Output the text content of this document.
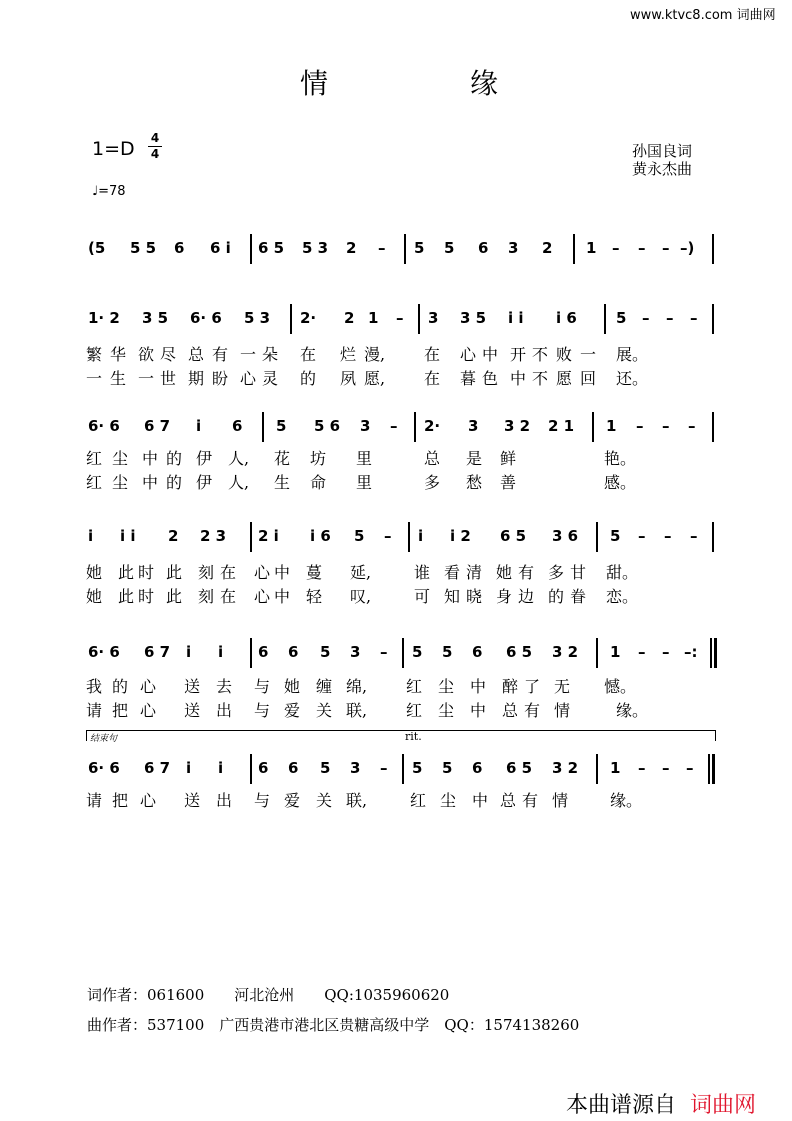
www.ktvc8.com 词曲网
情	缘
1=D 4
4
♩=78
孙国良词
黄永杰曲
(5 5 5 6 6 i 6 5 5 3 2 – 5 5 6 3 2 1 – – – –)
1· 2 3 5 6· 6 5 3 2· 2 1 – 3 3 5 i i i 6	5 – – –
繁 华 欲 尽 总 有 一 朵 在 烂 漫, 在 心 中 开 不 败 一 展。
一 生 一 世 期 盼 心 灵 的 夙 愿, 在 暮 色 中 不 愿 回 还。
6· 6 6 7 i 6 5 5 6 3 – 2· 3 3 2 2 1 1 – – –
红 尘 中 的 伊 人, 花 坊 里	总 是 鲜	艳。
红 尘 中 的 伊 人, 生 命 里	多 愁 善	感。
i i i 2 2 3 2 i i 6 5 – i i 2 6 5 3 6 5 – – –
她 此 时 此 刻 在 心 中 蔓 延,	谁 看 清 她 有 多 甘 甜。
她 此 时 此 刻 在 心 中 轻 叹,	可 知 晓 身 边 的 眷 恋。
6· 6 6 7 i i 6 6 5 3 – 5 5 6 6 5 3 2 1 – – –:
我 的 心 送 去 与 她 缠 绵, 红 尘 中 醉 了 无 憾。
请 把 心 送 出 与 爱 关 联, 红 尘 中 总 有 情	缘。
结束句	rit.
6· 6 6 7 i i 6 6 5 3 – 5 5 6 6 5 3 2 1 – – –
请 把 心 送 出 与 爱 关 联,	红 尘 中 总 有 情	缘。
词作者：061600　　河北沧州　　QQ:1035960620
曲作者：537100　广西贵港市港北区贵糖高级中学　QQ：1574138260
本曲谱源自 词曲网
